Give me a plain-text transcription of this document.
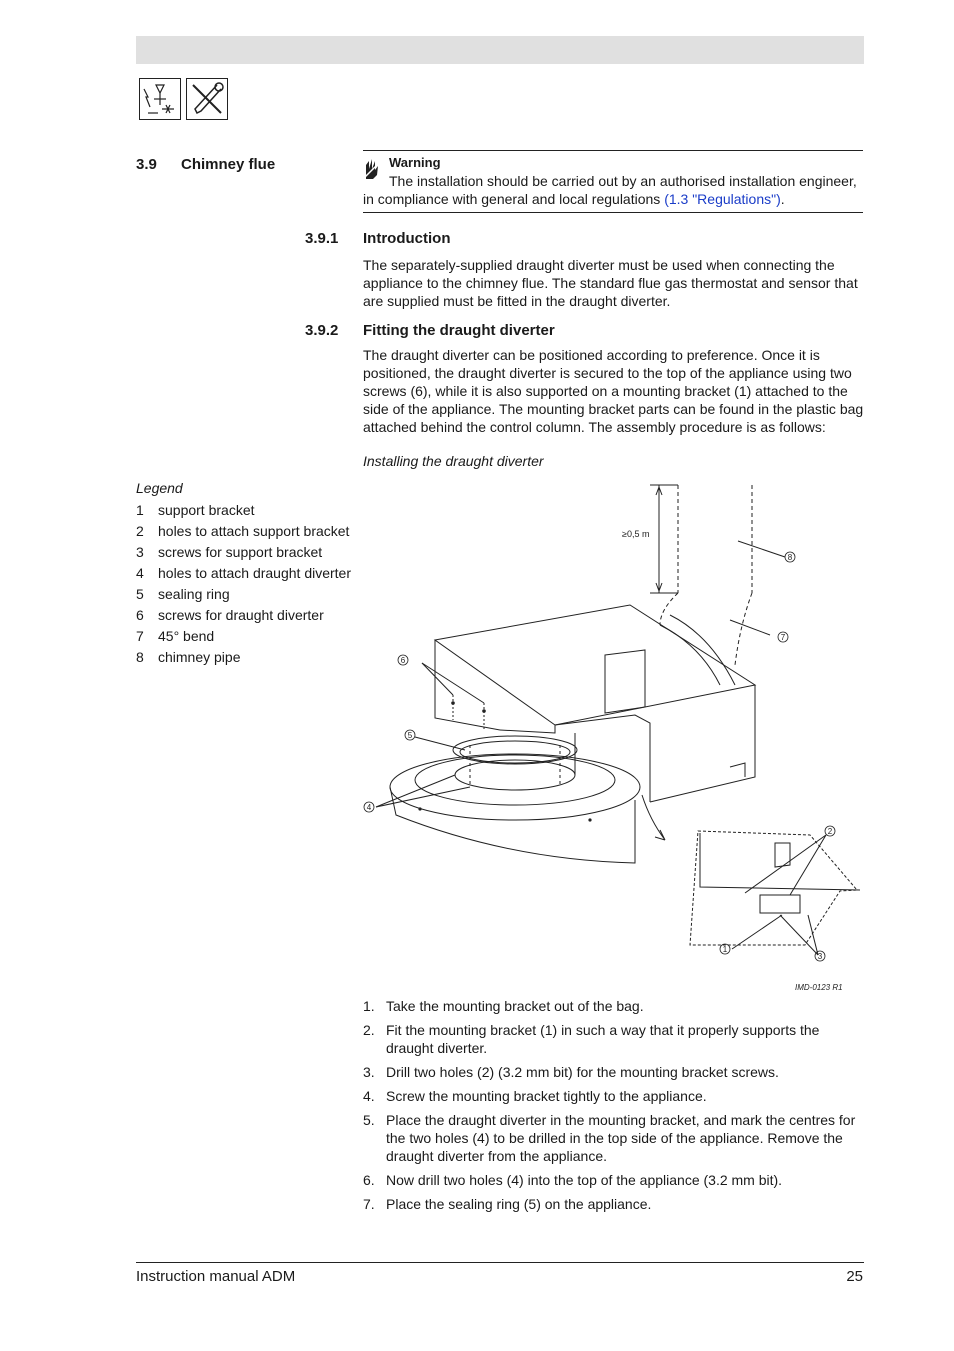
3.9 Chimney flue	Warning
The installation should be carried out by an authorised installation engineer, in compliance with general and local regulations (1.3 "Regulations").
3.9.1 Introduction
The separately-supplied draught diverter must be used when connecting the appliance to the chimney flue. The standard flue gas thermostat and sensor that are supplied must be fitted in the draught diverter.
3.9.2 Fitting the draught diverter
The draught diverter can be positioned according to preference. Once it is positioned, the draught diverter is secured to the top of the appliance using two screws (6), while it is also supported on a mounting bracket (1) attached to the side of the appliance. The mounting bracket parts can be found in the plastic bag attached behind the control column. The assembly procedure is as follows:
Installing the draught diverter
Legend
1 support bracket
2 holes to attach support bracket
3 screws for support bracket
4 holes to attach draught diverter
5 sealing ring
6 screws for draught diverter
7 45° bend
8 chimney pipe
≥0,5 m
IMD-0123 R1
1
2
3
4
5
6
7
8
1. Take the mounting bracket out of the bag.
2. Fit the mounting bracket (1) in such a way that it properly supports the draught diverter.
3. Drill two holes (2) (3.2 mm bit) for the mounting bracket screws.
4. Screw the mounting bracket tightly to the appliance.
5. Place the draught diverter in the mounting bracket, and mark the centres for the two holes (4) to be drilled in the top side of the appliance. Remove the draught diverter from the appliance.
6. Now drill two holes (4) into the top of the appliance (3.2 mm bit).
7. Place the sealing ring (5) on the appliance.
Instruction manual ADM	25
